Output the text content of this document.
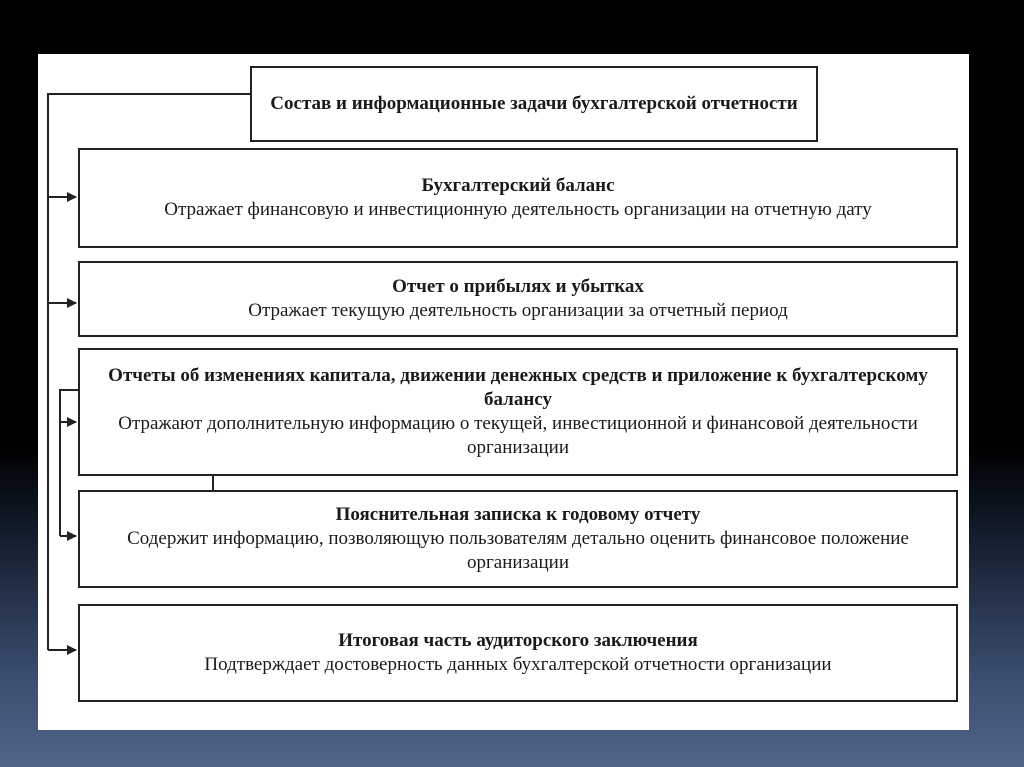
Состав и информационные задачи бухгалтерской отчетности
Бухгалтерский баланс
Отражает финансовую и инвестиционную деятельность организации на отчетную дату
Отчет о прибылях и убытках
Отражает текущую деятельность организации за отчетный период
Отчеты об изменениях капитала, движении денежных средств и приложение к бухгалтерскому балансу
Отражают дополнительную информацию о текущей, инвестиционной и финансовой деятельности организации
Пояснительная записка к годовому отчету
Содержит информацию, позволяющую пользователям детально оценить финансовое положение организации
Итоговая часть аудиторского заключения
Подтверждает достоверность данных бухгалтерской отчетности организации
